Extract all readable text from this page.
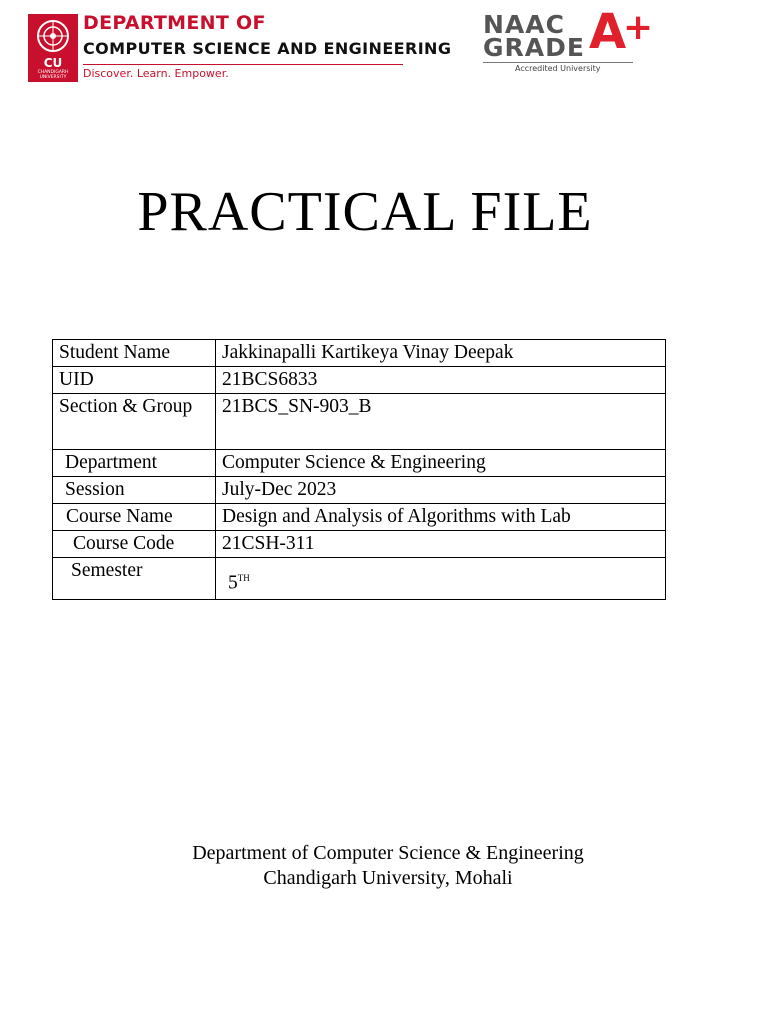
CU
CHANDIGARH UNIVERSITY
DEPARTMENT OF
COMPUTER SCIENCE AND ENGINEERING
Discover. Learn. Empower.
NAAC
GRADE A
+
Accredited University
PRACTICAL FILE
Student Name	Jakkinapalli Kartikeya Vinay Deepak
UID	21BCS6833
Section & Group	21BCS_SN-903_B
Department	Computer Science & Engineering
Session	July-Dec 2023
Course Name	Design and Analysis of Algorithms with Lab
Course Code	21CSH-311
Semester	5TH
Department of Computer Science & Engineering
Chandigarh University, Mohali
